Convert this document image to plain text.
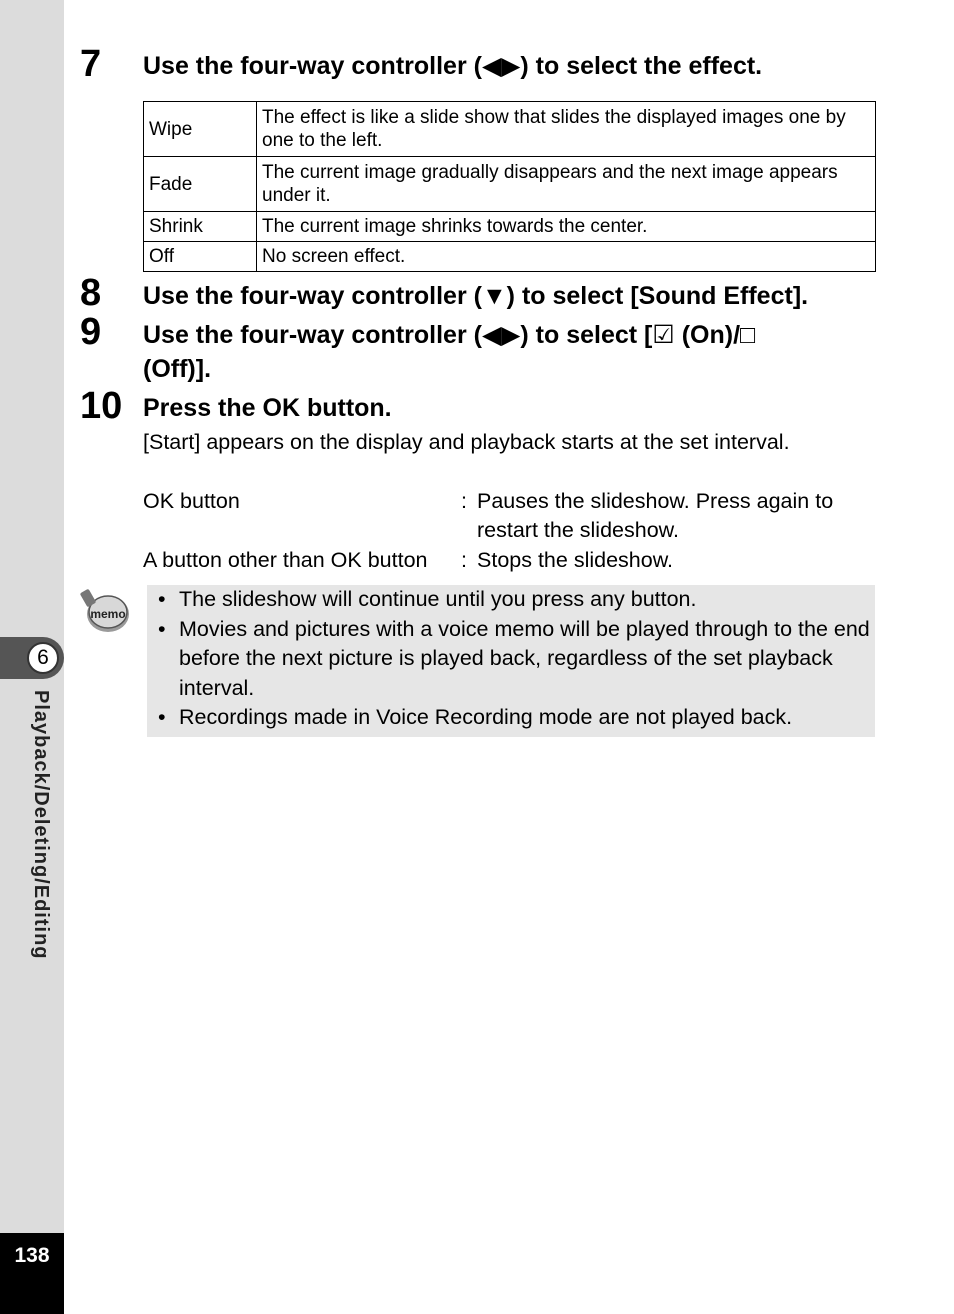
6
Playback/Deleting/Editing
138
7 Use the four-way controller (◀▶) to select the effect.
Wipe	The effect is like a slide show that slides the displayed images one by one to the left.
Fade	The current image gradually disappears and the next image appears under it.
Shrink	The current image shrinks towards the center.
Off	No screen effect.
8 Use the four-way controller (▼) to select [Sound Effect].
9 Use the four-way controller (◀▶) to select [☑ (On)/□
(Off)].
10 Press the OK button.
[Start] appears on the display and playback starts at the set interval.
OK button	: Pauses the slideshow. Press again to restart the slideshow.
A button other than OK button : Stops the slideshow.
memo
• The slideshow will continue until you press any button.
• Movies and pictures with a voice memo will be played through to the end before the next picture is played back, regardless of the set playback interval.
• Recordings made in Voice Recording mode are not played back.
